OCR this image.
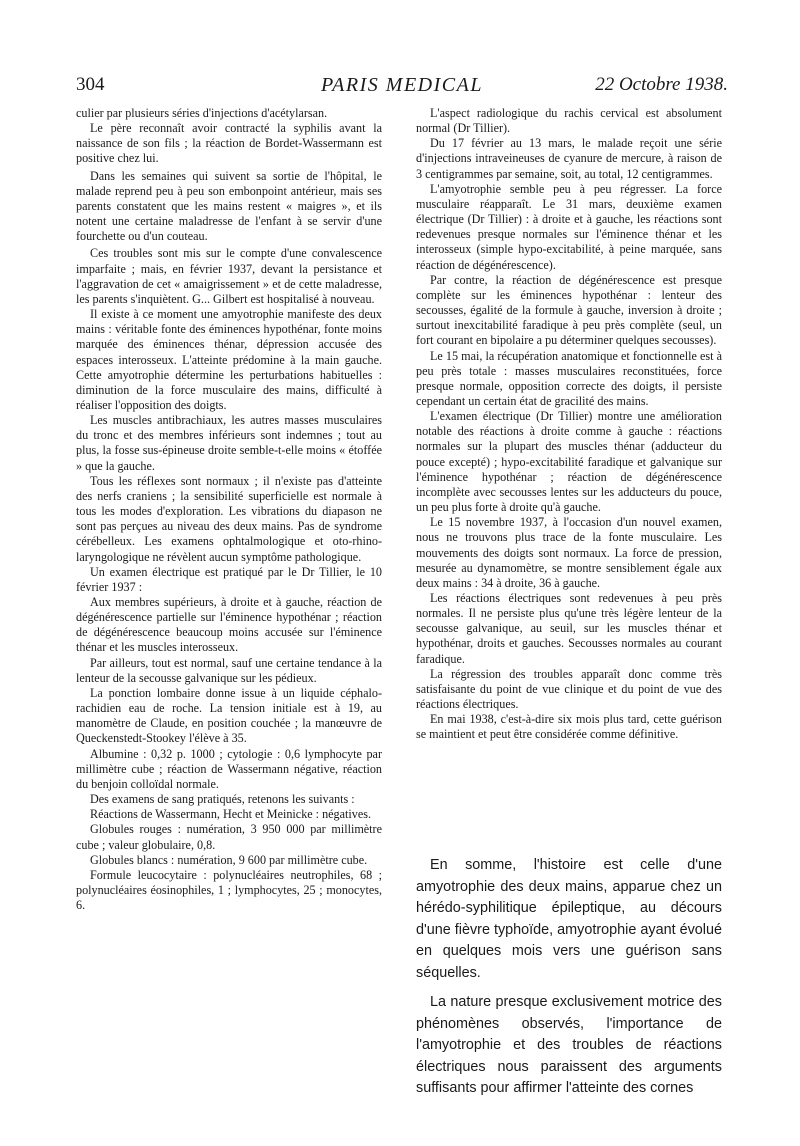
304	PARIS MEDICAL	22 Octobre 1938.

culier par plusieurs séries d'injections d'acétylarsan.

Le père reconnaît avoir contracté la syphilis avant la naissance de son fils ; la réaction de Bordet-Wassermann est positive chez lui.

Dans les semaines qui suivent sa sortie de l'hôpital, le malade reprend peu à peu son embonpoint antérieur, mais ses parents constatent que les mains restent « maigres », et ils notent une certaine maladresse de l'enfant à se servir d'une fourchette ou d'un couteau.

Ces troubles sont mis sur le compte d'une convalescence imparfaite ; mais, en février 1937, devant la persistance et l'aggravation de cet « amaigrissement » et de cette maladresse, les parents s'inquiètent. G... Gilbert est hospitalisé à nouveau.

Il existe à ce moment une amyotrophie manifeste des deux mains : véritable fonte des éminences hypothénar, fonte moins marquée des éminences thénar, dépression accusée des espaces interosseux. L'atteinte prédomine à la main gauche. Cette amyotrophie détermine les perturbations habituelles : diminution de la force musculaire des mains, difficulté à réaliser l'opposition des doigts.

Les muscles antibrachiaux, les autres masses musculaires du tronc et des membres inférieurs sont indemnes ; tout au plus, la fosse sus-épineuse droite semble-t-elle moins « étoffée » que la gauche.

Tous les réflexes sont normaux ; il n'existe pas d'atteinte des nerfs craniens ; la sensibilité superficielle est normale à tous les modes d'exploration. Les vibrations du diapason ne sont pas perçues au niveau des deux mains. Pas de syndrome cérébelleux. Les examens ophtalmologique et oto-rhino-laryngologique ne révèlent aucun symptôme pathologique.

Un examen électrique est pratiqué par le Dr Tillier, le 10 février 1937 :

Aux membres supérieurs, à droite et à gauche, réaction de dégénérescence partielle sur l'éminence hypothénar ; réaction de dégénérescence beaucoup moins accusée sur l'éminence thénar et les muscles interosseux.

Par ailleurs, tout est normal, sauf une certaine tendance à la lenteur de la secousse galvanique sur les pédieux.

La ponction lombaire donne issue à un liquide céphalo-rachidien eau de roche. La tension initiale est à 19, au manomètre de Claude, en position couchée ; la manœuvre de Queckenstedt-Stookey l'élève à 35.

Albumine : 0,32 p. 1000 ; cytologie : 0,6 lymphocyte par millimètre cube ; réaction de Wassermann négative, réaction du benjoin colloïdal normale.

Des examens de sang pratiqués, retenons les suivants :

Réactions de Wassermann, Hecht et Meinicke : négatives.

Globules rouges : numération, 3 950 000 par millimètre cube ; valeur globulaire, 0,8.

Globules blancs : numération, 9 600 par millimètre cube.

Formule leucocytaire : polynucléaires neutrophiles, 68 ; polynucléaires éosinophiles, 1 ; lymphocytes, 25 ; monocytes, 6.

L'aspect radiologique du rachis cervical est absolument normal (Dr Tillier).

Du 17 février au 13 mars, le malade reçoit une série d'injections intraveineuses de cyanure de mercure, à raison de 3 centigrammes par semaine, soit, au total, 12 centigrammes.

L'amyotrophie semble peu à peu régresser. La force musculaire réapparaît. Le 31 mars, deuxième examen électrique (Dr Tillier) : à droite et à gauche, les réactions sont redevenues presque normales sur l'éminence thénar et les interosseux (simple hypo-excitabilité, à peine marquée, sans réaction de dégénérescence).

Par contre, la réaction de dégénérescence est presque complète sur les éminences hypothénar : lenteur des secousses, égalité de la formule à gauche, inversion à droite ; surtout inexcitabilité faradique à peu près complète (seul, un fort courant en bipolaire a pu déterminer quelques secousses).

Le 15 mai, la récupération anatomique et fonctionnelle est à peu près totale : masses musculaires reconstituées, force presque normale, opposition correcte des doigts, il persiste cependant un certain état de gracilité des mains.

L'examen électrique (Dr Tillier) montre une amélioration notable des réactions à droite comme à gauche : réactions normales sur la plupart des muscles thénar (adducteur du pouce excepté) ; hypo-excitabilité faradique et galvanique sur l'éminence hypothénar ; réaction de dégénérescence incomplète avec secousses lentes sur les adducteurs du pouce, un peu plus forte à droite qu'à gauche.

Le 15 novembre 1937, à l'occasion d'un nouvel examen, nous ne trouvons plus trace de la fonte musculaire. Les mouvements des doigts sont normaux. La force de pression, mesurée au dynamomètre, se montre sensiblement égale aux deux mains : 34 à droite, 36 à gauche.

Les réactions électriques sont redevenues à peu près normales. Il ne persiste plus qu'une très légère lenteur de la secousse galvanique, au seuil, sur les muscles thénar et hypothénar, droits et gauches. Secousses normales au courant faradique.

La régression des troubles apparaît donc comme très satisfaisante du point de vue clinique et du point de vue des réactions électriques.

En mai 1938, c'est-à-dire six mois plus tard, cette guérison se maintient et peut être considérée comme définitive.

En somme, l'histoire est celle d'une amyotrophie des deux mains, apparue chez un hérédo-syphilitique épileptique, au décours d'une fièvre typhoïde, amyotrophie ayant évolué en quelques mois vers une guérison sans séquelles.

La nature presque exclusivement motrice des phénomènes observés, l'importance de l'amyotrophie et des troubles de réactions électriques nous paraissent des arguments suffisants pour affirmer l'atteinte des cornes
